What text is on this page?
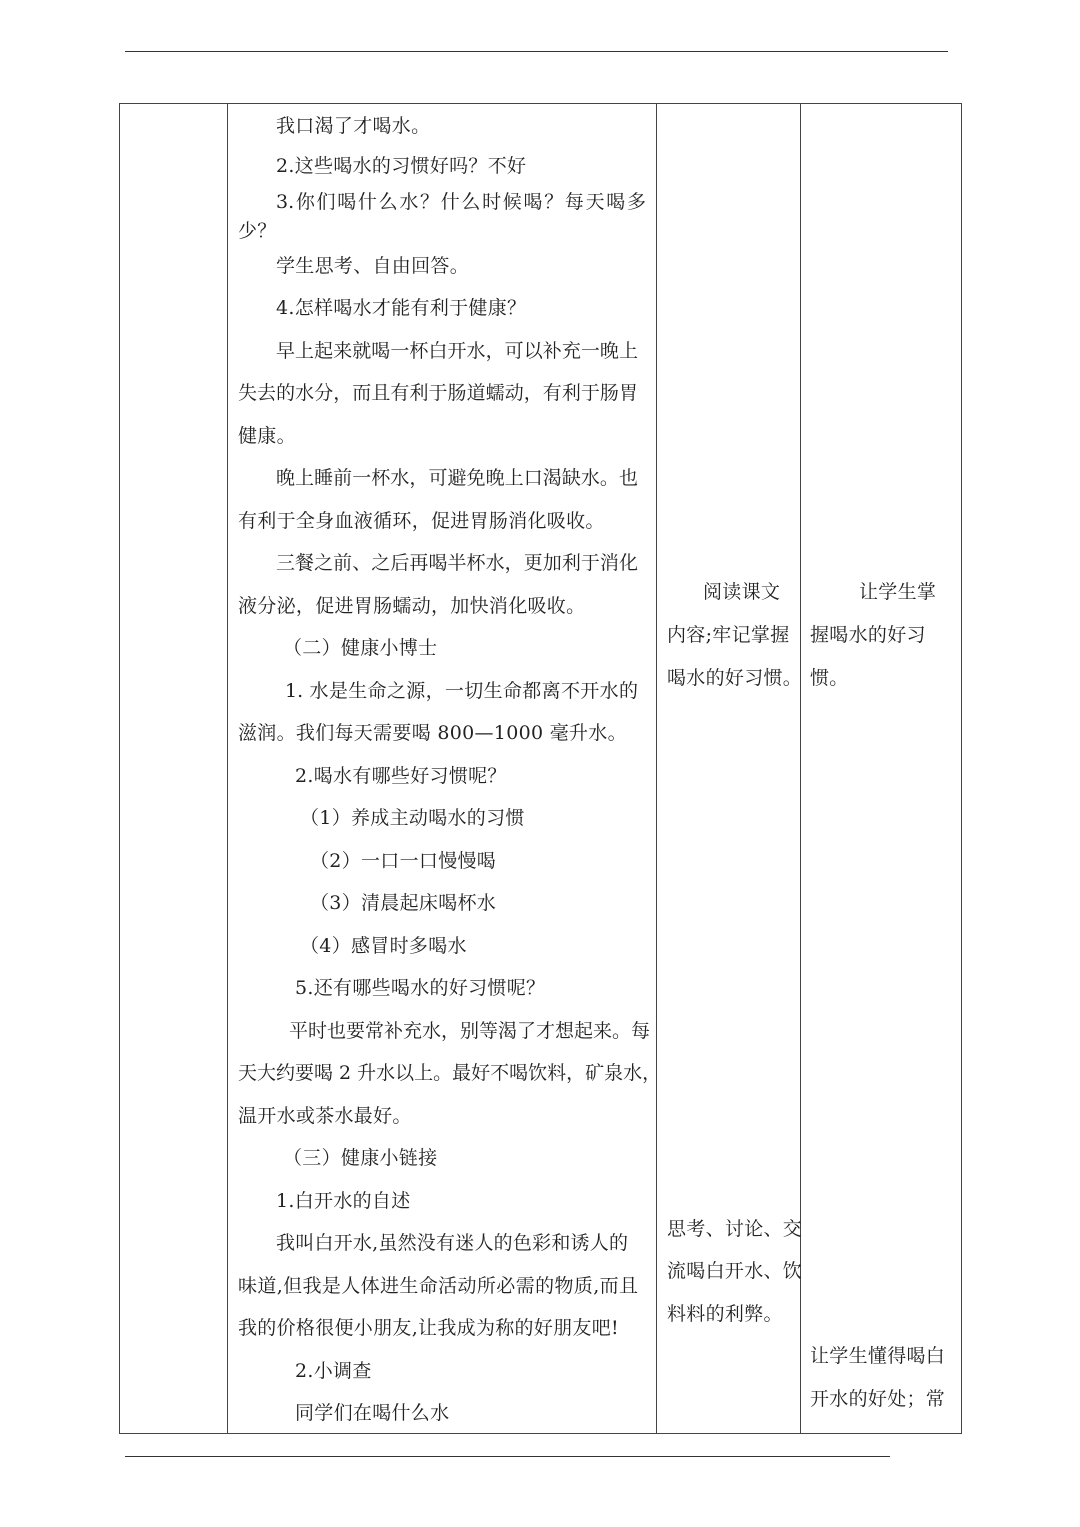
我口渴了才喝水。
2.这些喝水的习惯好吗？不好
3.你们喝什么水？什么时候喝？每天喝多
少？
学生思考、自由回答。
4.怎样喝水才能有利于健康？
早上起来就喝一杯白开水，可以补充一晚上
失去的水分，而且有利于肠道蠕动，有利于肠胃
健康。
晚上睡前一杯水，可避免晚上口渴缺水。也
有利于全身血液循环，促进胃肠消化吸收。
三餐之前、之后再喝半杯水，更加利于消化
液分泌，促进胃肠蠕动，加快消化吸收。
（二）健康小博士
1. 水是生命之源，一切生命都离不开水的
滋润。我们每天需要喝 800—1000 毫升水。
2.喝水有哪些好习惯呢？
（1）养成主动喝水的习惯
（2）一口一口慢慢喝
（3）清晨起床喝杯水
（4）感冒时多喝水
5.还有哪些喝水的好习惯呢？
平时也要常补充水，别等渴了才想起来。每
天大约要喝 2 升水以上。最好不喝饮料，矿泉水，
温开水或茶水最好。
（三）健康小链接
1.白开水的自述
我叫白开水,虽然没有迷人的色彩和诱人的
味道,但我是人体进生命活动所必需的物质,而且
我的价格很便小朋友,让我成为称的好朋友吧!
2.小调查
同学们在喝什么水
阅读课文
内容;牢记掌握
喝水的好习惯。
思考、讨论、交
流喝白开水、饮
料料的利弊。
让学生掌
握喝水的好习
惯。
让学生懂得喝白
开水的好处；常
